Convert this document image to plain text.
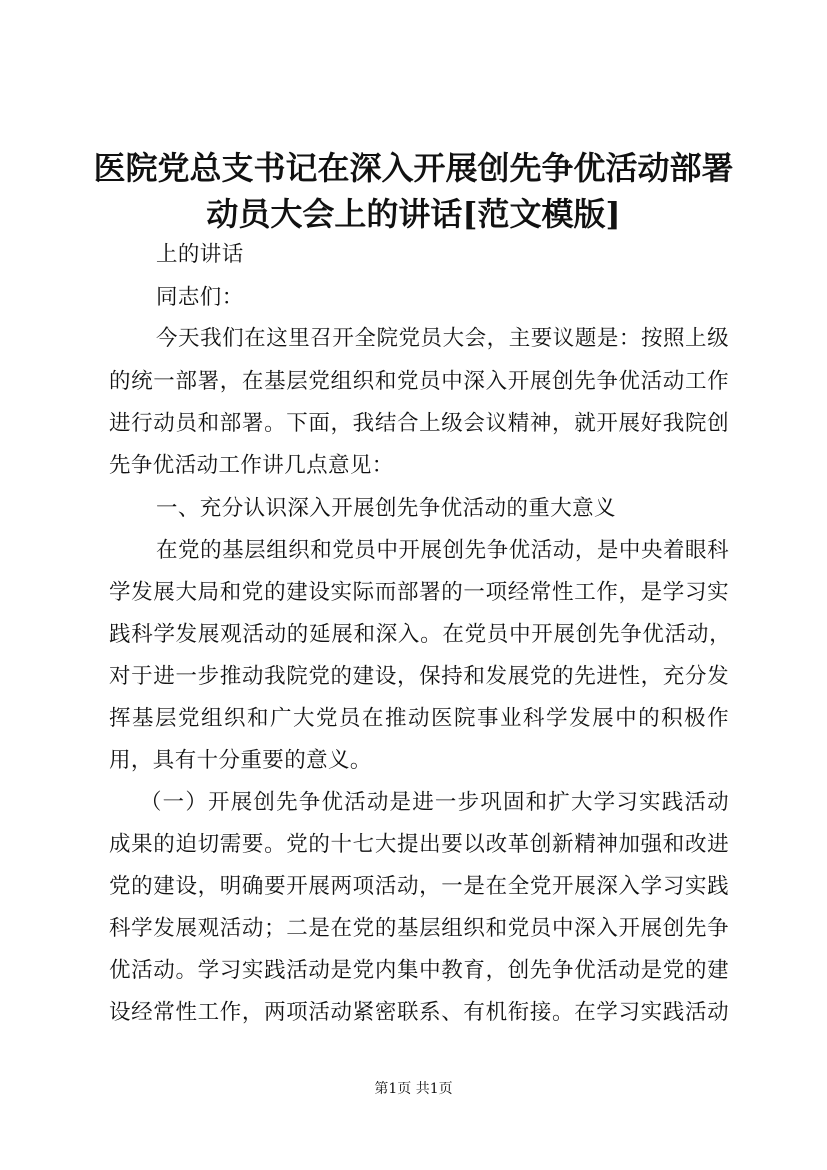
医院党总支书记在深入开展创先争优活动部署
动员大会上的讲话[范文模版]
上的讲话
同志们：
今天我们在这里召开全院党员大会，主要议题是：按照上级
的统一部署，在基层党组织和党员中深入开展创先争优活动工作
进行动员和部署。下面，我结合上级会议精神，就开展好我院创
先争优活动工作讲几点意见：
一、充分认识深入开展创先争优活动的重大意义
在党的基层组织和党员中开展创先争优活动，是中央着眼科
学发展大局和党的建设实际而部署的一项经常性工作，是学习实
践科学发展观活动的延展和深入。在党员中开展创先争优活动，
对于进一步推动我院党的建设，保持和发展党的先进性，充分发
挥基层党组织和广大党员在推动医院事业科学发展中的积极作
用，具有十分重要的意义。
（一）开展创先争优活动是进一步巩固和扩大学习实践活动
成果的迫切需要。党的十七大提出要以改革创新精神加强和改进
党的建设，明确要开展两项活动，一是在全党开展深入学习实践
科学发展观活动；二是在党的基层组织和党员中深入开展创先争
优活动。学习实践活动是党内集中教育，创先争优活动是党的建
设经常性工作，两项活动紧密联系、有机衔接。在学习实践活动
第1页 共1页
